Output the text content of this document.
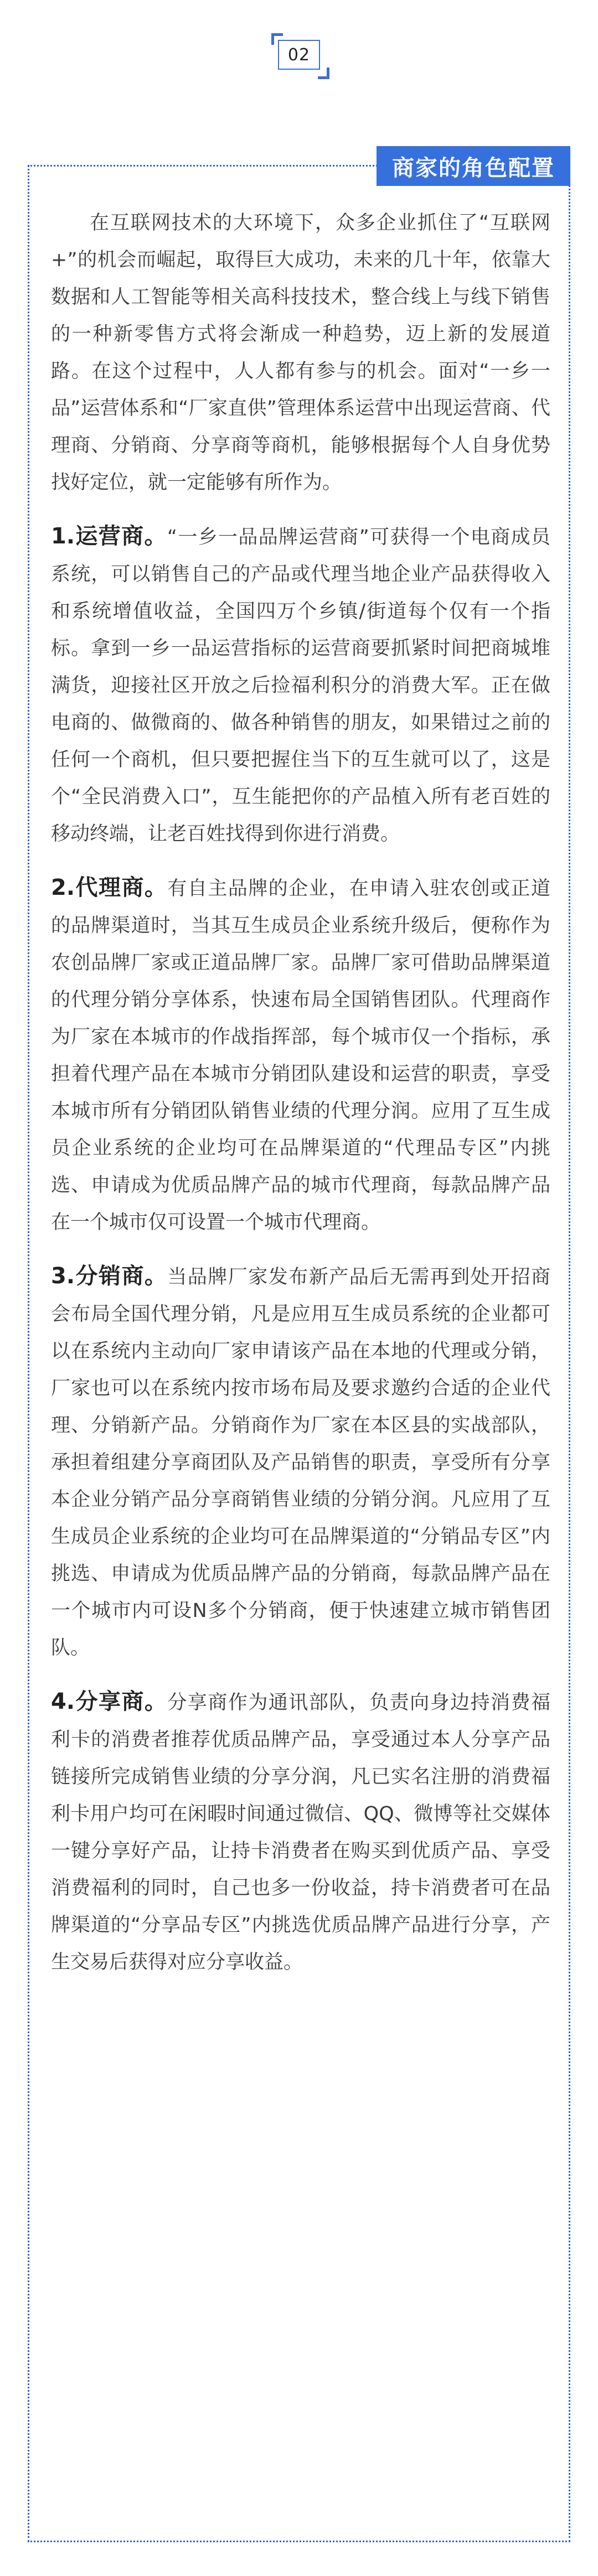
02
商家的角色配置

在互联网技术的大环境下，众多企业抓住了“互联网+”的机会而崛起，取得巨大成功，未来的几十年，依靠大数据和人工智能等相关高科技技术，整合线上与线下销售的一种新零售方式将会渐成一种趋势，迈上新的发展道路。在这个过程中，人人都有参与的机会。面对“一乡一品”运营体系和“厂家直供”管理体系运营中出现运营商、代理商、分销商、分享商等商机，能够根据每个人自身优势找好定位，就一定能够有所作为。

1.运营商。“一乡一品品牌运营商”可获得一个电商成员系统，可以销售自己的产品或代理当地企业产品获得收入和系统增值收益，全国四万个乡镇/街道每个仅有一个指标。拿到一乡一品运营指标的运营商要抓紧时间把商城堆满货，迎接社区开放之后捡福利积分的消费大军。正在做电商的、做微商的、做各种销售的朋友，如果错过之前的任何一个商机，但只要把握住当下的互生就可以了，这是个“全民消费入口”，互生能把你的产品植入所有老百姓的移动终端，让老百姓找得到你进行消费。

2.代理商。有自主品牌的企业，在申请入驻农创或正道的品牌渠道时，当其互生成员企业系统升级后，便称作为农创品牌厂家或正道品牌厂家。品牌厂家可借助品牌渠道的代理分销分享体系，快速布局全国销售团队。代理商作为厂家在本城市的作战指挥部，每个城市仅一个指标，承担着代理产品在本城市分销团队建设和运营的职责，享受本城市所有分销团队销售业绩的代理分润。应用了互生成员企业系统的企业均可在品牌渠道的“代理品专区”内挑选、申请成为优质品牌产品的城市代理商，每款品牌产品在一个城市仅可设置一个城市代理商。

3.分销商。当品牌厂家发布新产品后无需再到处开招商会布局全国代理分销，凡是应用互生成员系统的企业都可以在系统内主动向厂家申请该产品在本地的代理或分销，厂家也可以在系统内按市场布局及要求邀约合适的企业代理、分销新产品。分销商作为厂家在本区县的实战部队，承担着组建分享商团队及产品销售的职责，享受所有分享本企业分销产品分享商销售业绩的分销分润。凡应用了互生成员企业系统的企业均可在品牌渠道的“分销品专区”内挑选、申请成为优质品牌产品的分销商，每款品牌产品在一个城市内可设N多个分销商，便于快速建立城市销售团队。

4.分享商。分享商作为通讯部队，负责向身边持消费福利卡的消费者推荐优质品牌产品，享受通过本人分享产品链接所完成销售业绩的分享分润，凡已实名注册的消费福利卡用户均可在闲暇时间通过微信、QQ、微博等社交媒体一键分享好产品，让持卡消费者在购买到优质产品、享受消费福利的同时，自己也多一份收益，持卡消费者可在品牌渠道的“分享品专区”内挑选优质品牌产品进行分享，产生交易后获得对应分享收益。
